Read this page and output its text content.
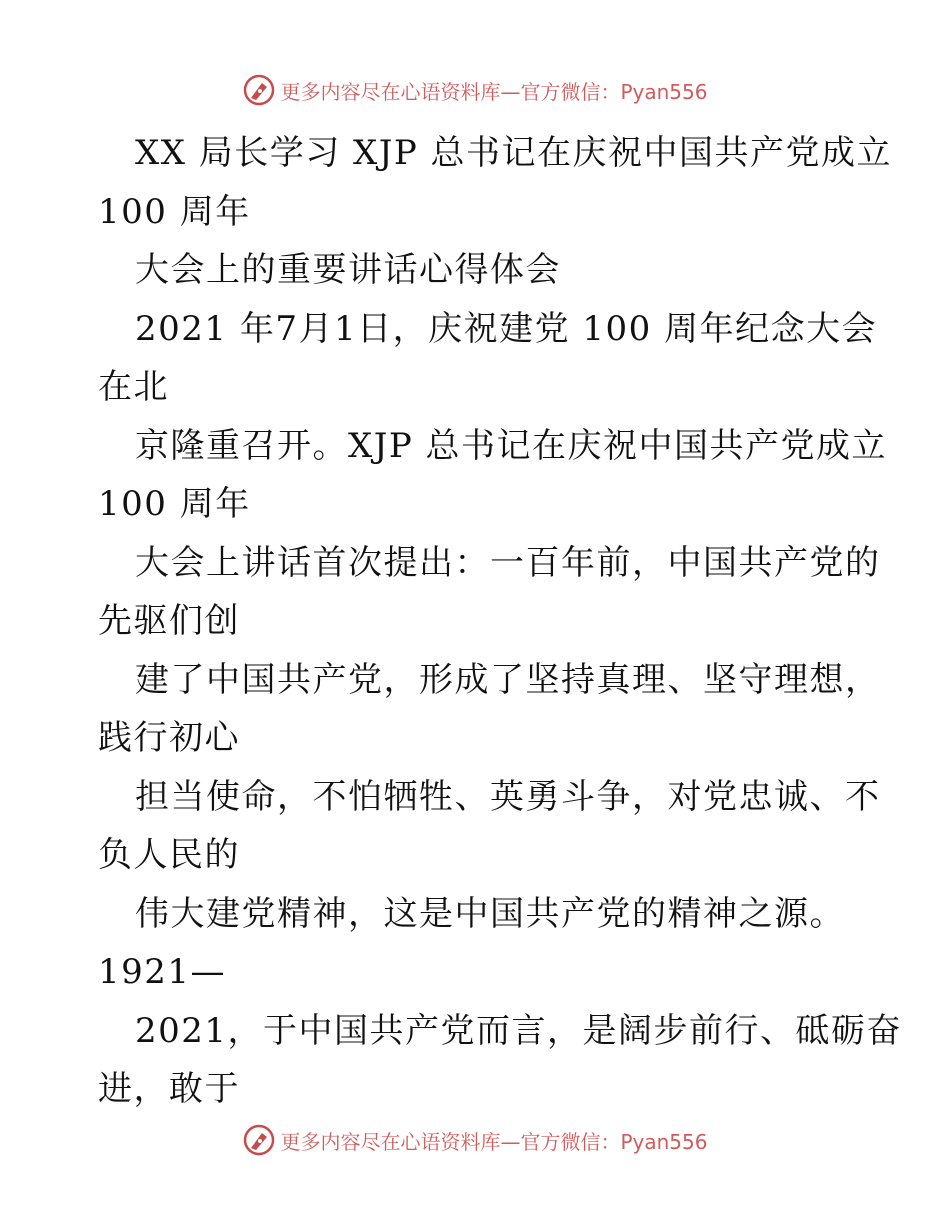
更多内容尽在心语资料库—官方微信：Pyan556
XX 局长学习 XJP 总书记在庆祝中国共产党成立
100 周年
大会上的重要讲话心得体会
2021 年7月1日，庆祝建党 100 周年纪念大会
在北
京隆重召开。XJP 总书记在庆祝中国共产党成立
100 周年
大会上讲话首次提出：一百年前，中国共产党的
先驱们创
建了中国共产党，形成了坚持真理、坚守理想，
践行初心
担当使命，不怕牺牲、英勇斗争，对党忠诚、不
负人民的
伟大建党精神，这是中国共产党的精神之源。
1921—
2021，于中国共产党而言，是阔步前行、砥砺奋
进，敢于
更多内容尽在心语资料库—官方微信：Pyan556
